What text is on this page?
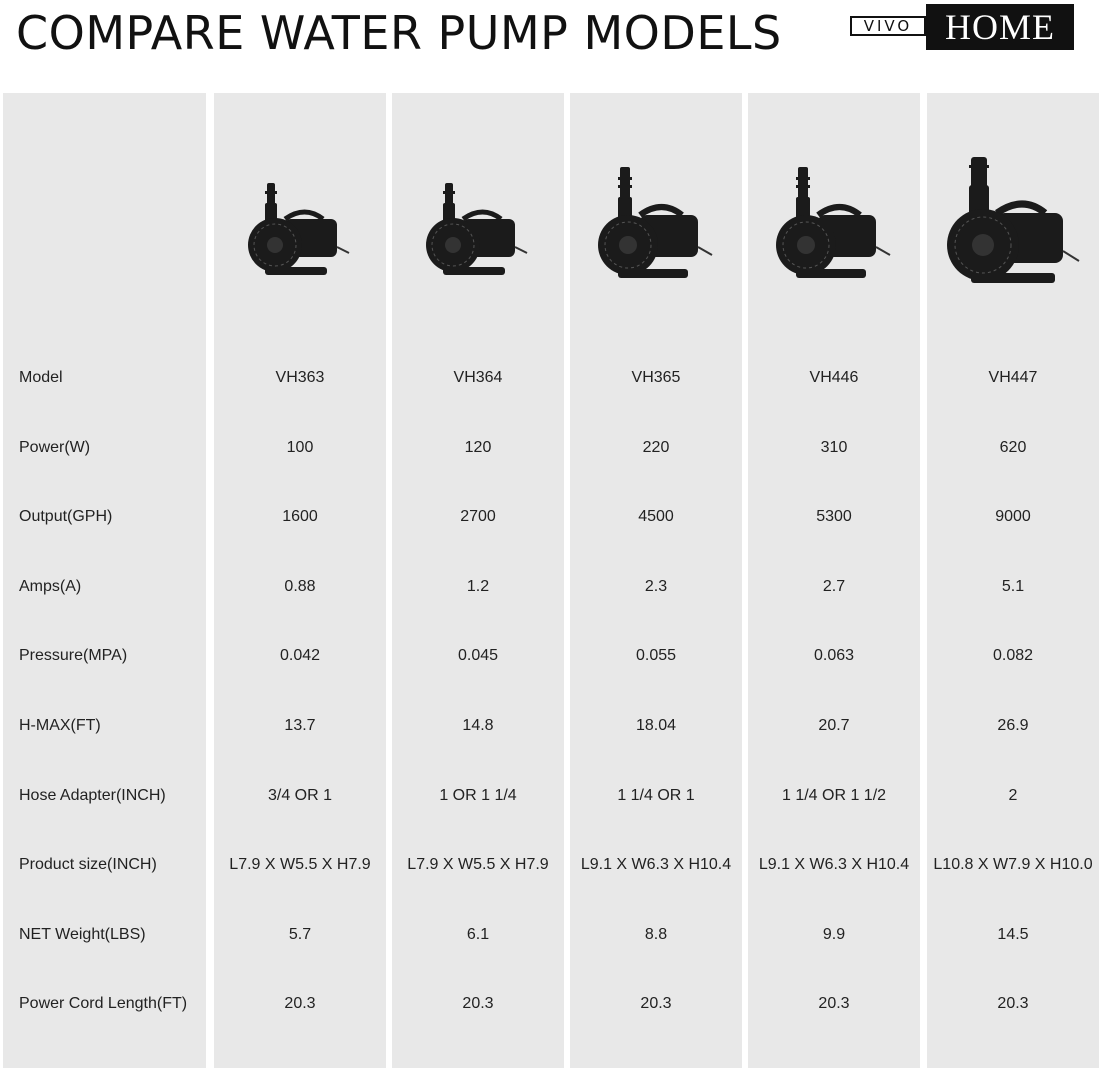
COMPARE WATER PUMP MODELS	VIVO HOME
Model
Power(W)
Output(GPH)
Amps(A)
Pressure(MPA)
H-MAX(FT)
Hose Adapter(INCH)
Product size(INCH)
NET Weight(LBS)
Power Cord Length(FT)
VH363
100
1600
0.88
0.042
13.7
3/4 OR 1
L7.9 X W5.5 X H7.9
5.7
20.3
VH364
120
2700
1.2
0.045
14.8
1 OR 1 1/4
L7.9 X W5.5 X H7.9
6.1
20.3
VH365
220
4500
2.3
0.055
18.04
1 1/4 OR 1
L9.1 X W6.3 X H10.4
8.8
20.3
VH446
310
5300
2.7
0.063
20.7
1 1/4 OR 1 1/2
L9.1 X W6.3 X H10.4
9.9
20.3
VH447
620
9000
5.1
0.082
26.9
2
L10.8 X W7.9 X H10.0
14.5
20.3
